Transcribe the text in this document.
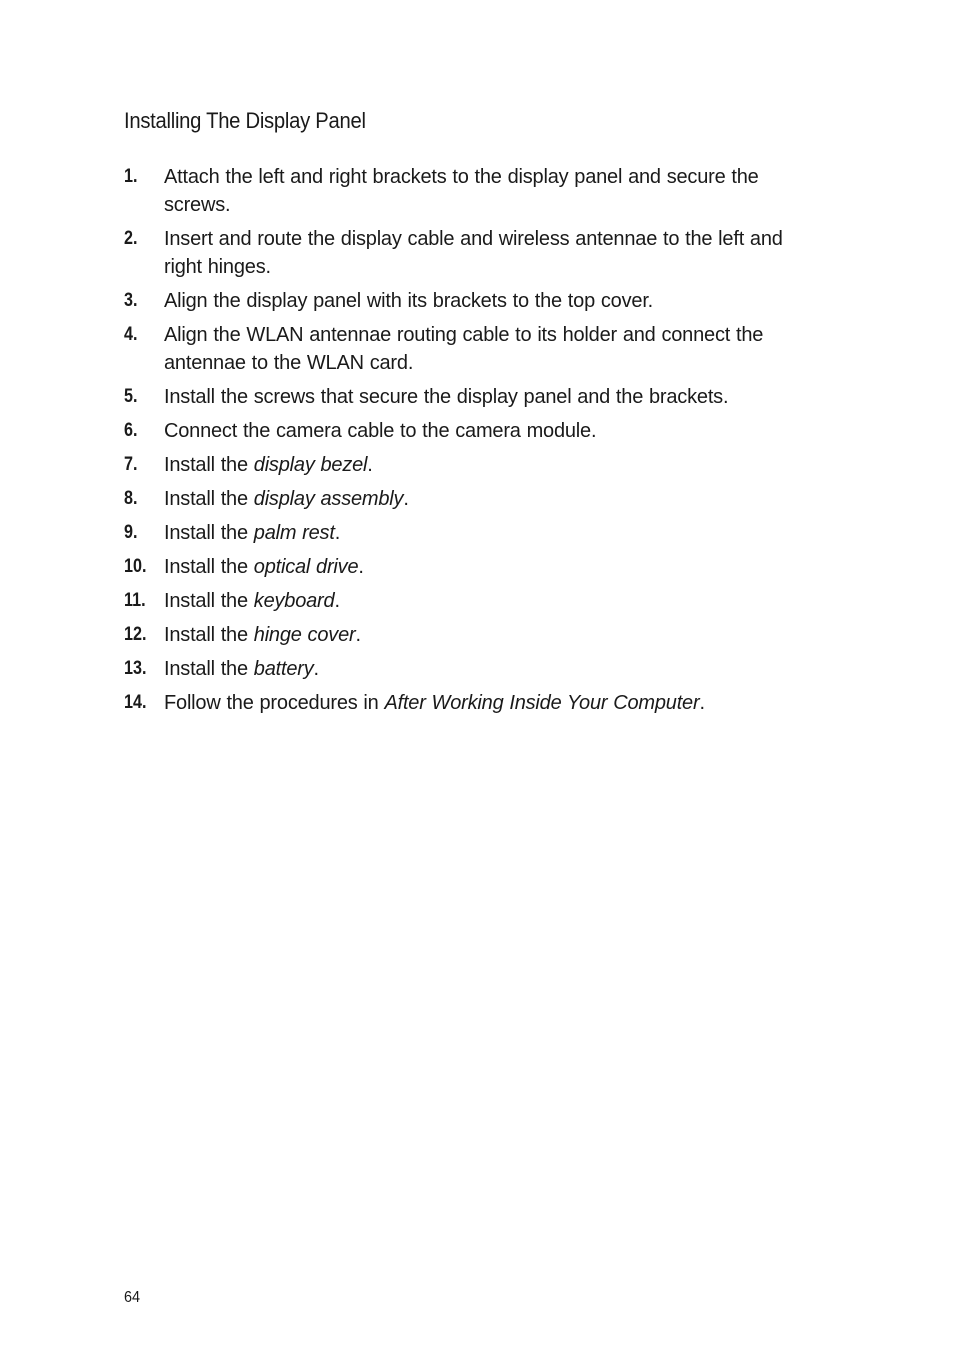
Installing The Display Panel
1.	Attach the left and right brackets to the display panel and secure the screws.
2.	Insert and route the display cable and wireless antennae to the left and right hinges.
3.	Align the display panel with its brackets to the top cover.
4.	Align the WLAN antennae routing cable to its holder and connect the antennae to the WLAN card.
5.	Install the screws that secure the display panel and the brackets.
6.	Connect the camera cable to the camera module.
7.	Install the display bezel.
8.	Install the display assembly.
9.	Install the palm rest.
10. Install the optical drive.
11. Install the keyboard.
12. Install the hinge cover.
13. Install the battery.
14. Follow the procedures in After Working Inside Your Computer.
64
